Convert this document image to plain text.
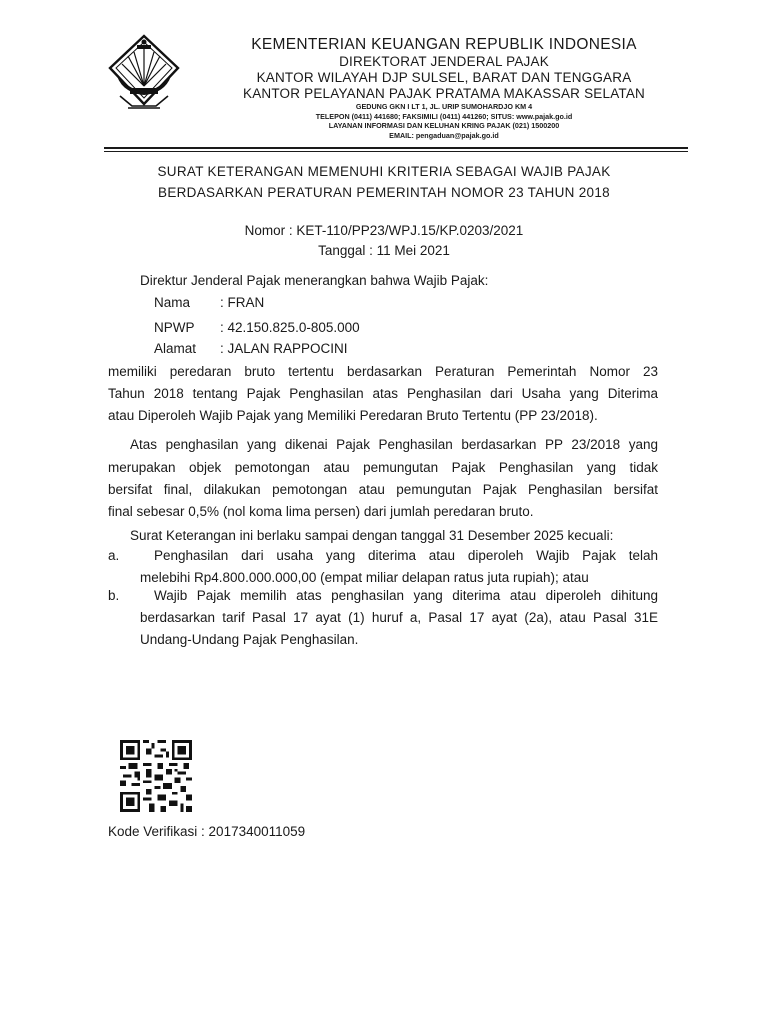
KEMENTERIAN KEUANGAN REPUBLIK INDONESIA
DIREKTORAT JENDERAL PAJAK
KANTOR WILAYAH DJP SULSEL, BARAT DAN TENGGARA
KANTOR PELAYANAN PAJAK PRATAMA MAKASSAR SELATAN
GEDUNG GKN I LT 1, JL. URIP SUMOHARDJO KM 4
TELEPON (0411) 441680; FAKSIMILI (0411) 441260; SITUS: www.pajak.go.id
LAYANAN INFORMASI DAN KELUHAN KRING PAJAK (021) 1500200
EMAIL: pengaduan@pajak.go.id
SURAT KETERANGAN MEMENUHI KRITERIA SEBAGAI WAJIB PAJAK
BERDASARKAN PERATURAN PEMERINTAH NOMOR 23 TAHUN 2018
Nomor : KET-110/PP23/WPJ.15/KP.0203/2021
Tanggal : 11 Mei 2021
Direktur Jenderal Pajak menerangkan bahwa Wajib Pajak:
Nama : FRAN
NPWP : 42.150.825.0-805.000
Alamat : JALAN RAPPOCINI
memiliki peredaran bruto tertentu berdasarkan Peraturan Pemerintah Nomor 23
Tahun 2018 tentang Pajak Penghasilan atas Penghasilan dari Usaha yang Diterima
atau Diperoleh Wajib Pajak yang Memiliki Peredaran Bruto Tertentu (PP 23/2018).
Atas penghasilan yang dikenai Pajak Penghasilan berdasarkan PP 23/2018 yang
merupakan objek pemotongan atau pemungutan Pajak Penghasilan yang tidak
bersifat final, dilakukan pemotongan atau pemungutan Pajak Penghasilan bersifat
final sebesar 0,5% (nol koma lima persen) dari jumlah peredaran bruto.
Surat Keterangan ini berlaku sampai dengan tanggal 31 Desember 2025 kecuali:
a.	Penghasilan dari usaha yang diterima atau diperoleh Wajib Pajak telah
melebihi Rp4.800.000.000,00 (empat miliar delapan ratus juta rupiah); atau
b.	Wajib Pajak memilih atas penghasilan yang diterima atau diperoleh dihitung
berdasarkan tarif Pasal 17 ayat (1) huruf a, Pasal 17 ayat (2a), atau Pasal 31E
Undang-Undang Pajak Penghasilan.
Kode Verifikasi : 2017340011059
